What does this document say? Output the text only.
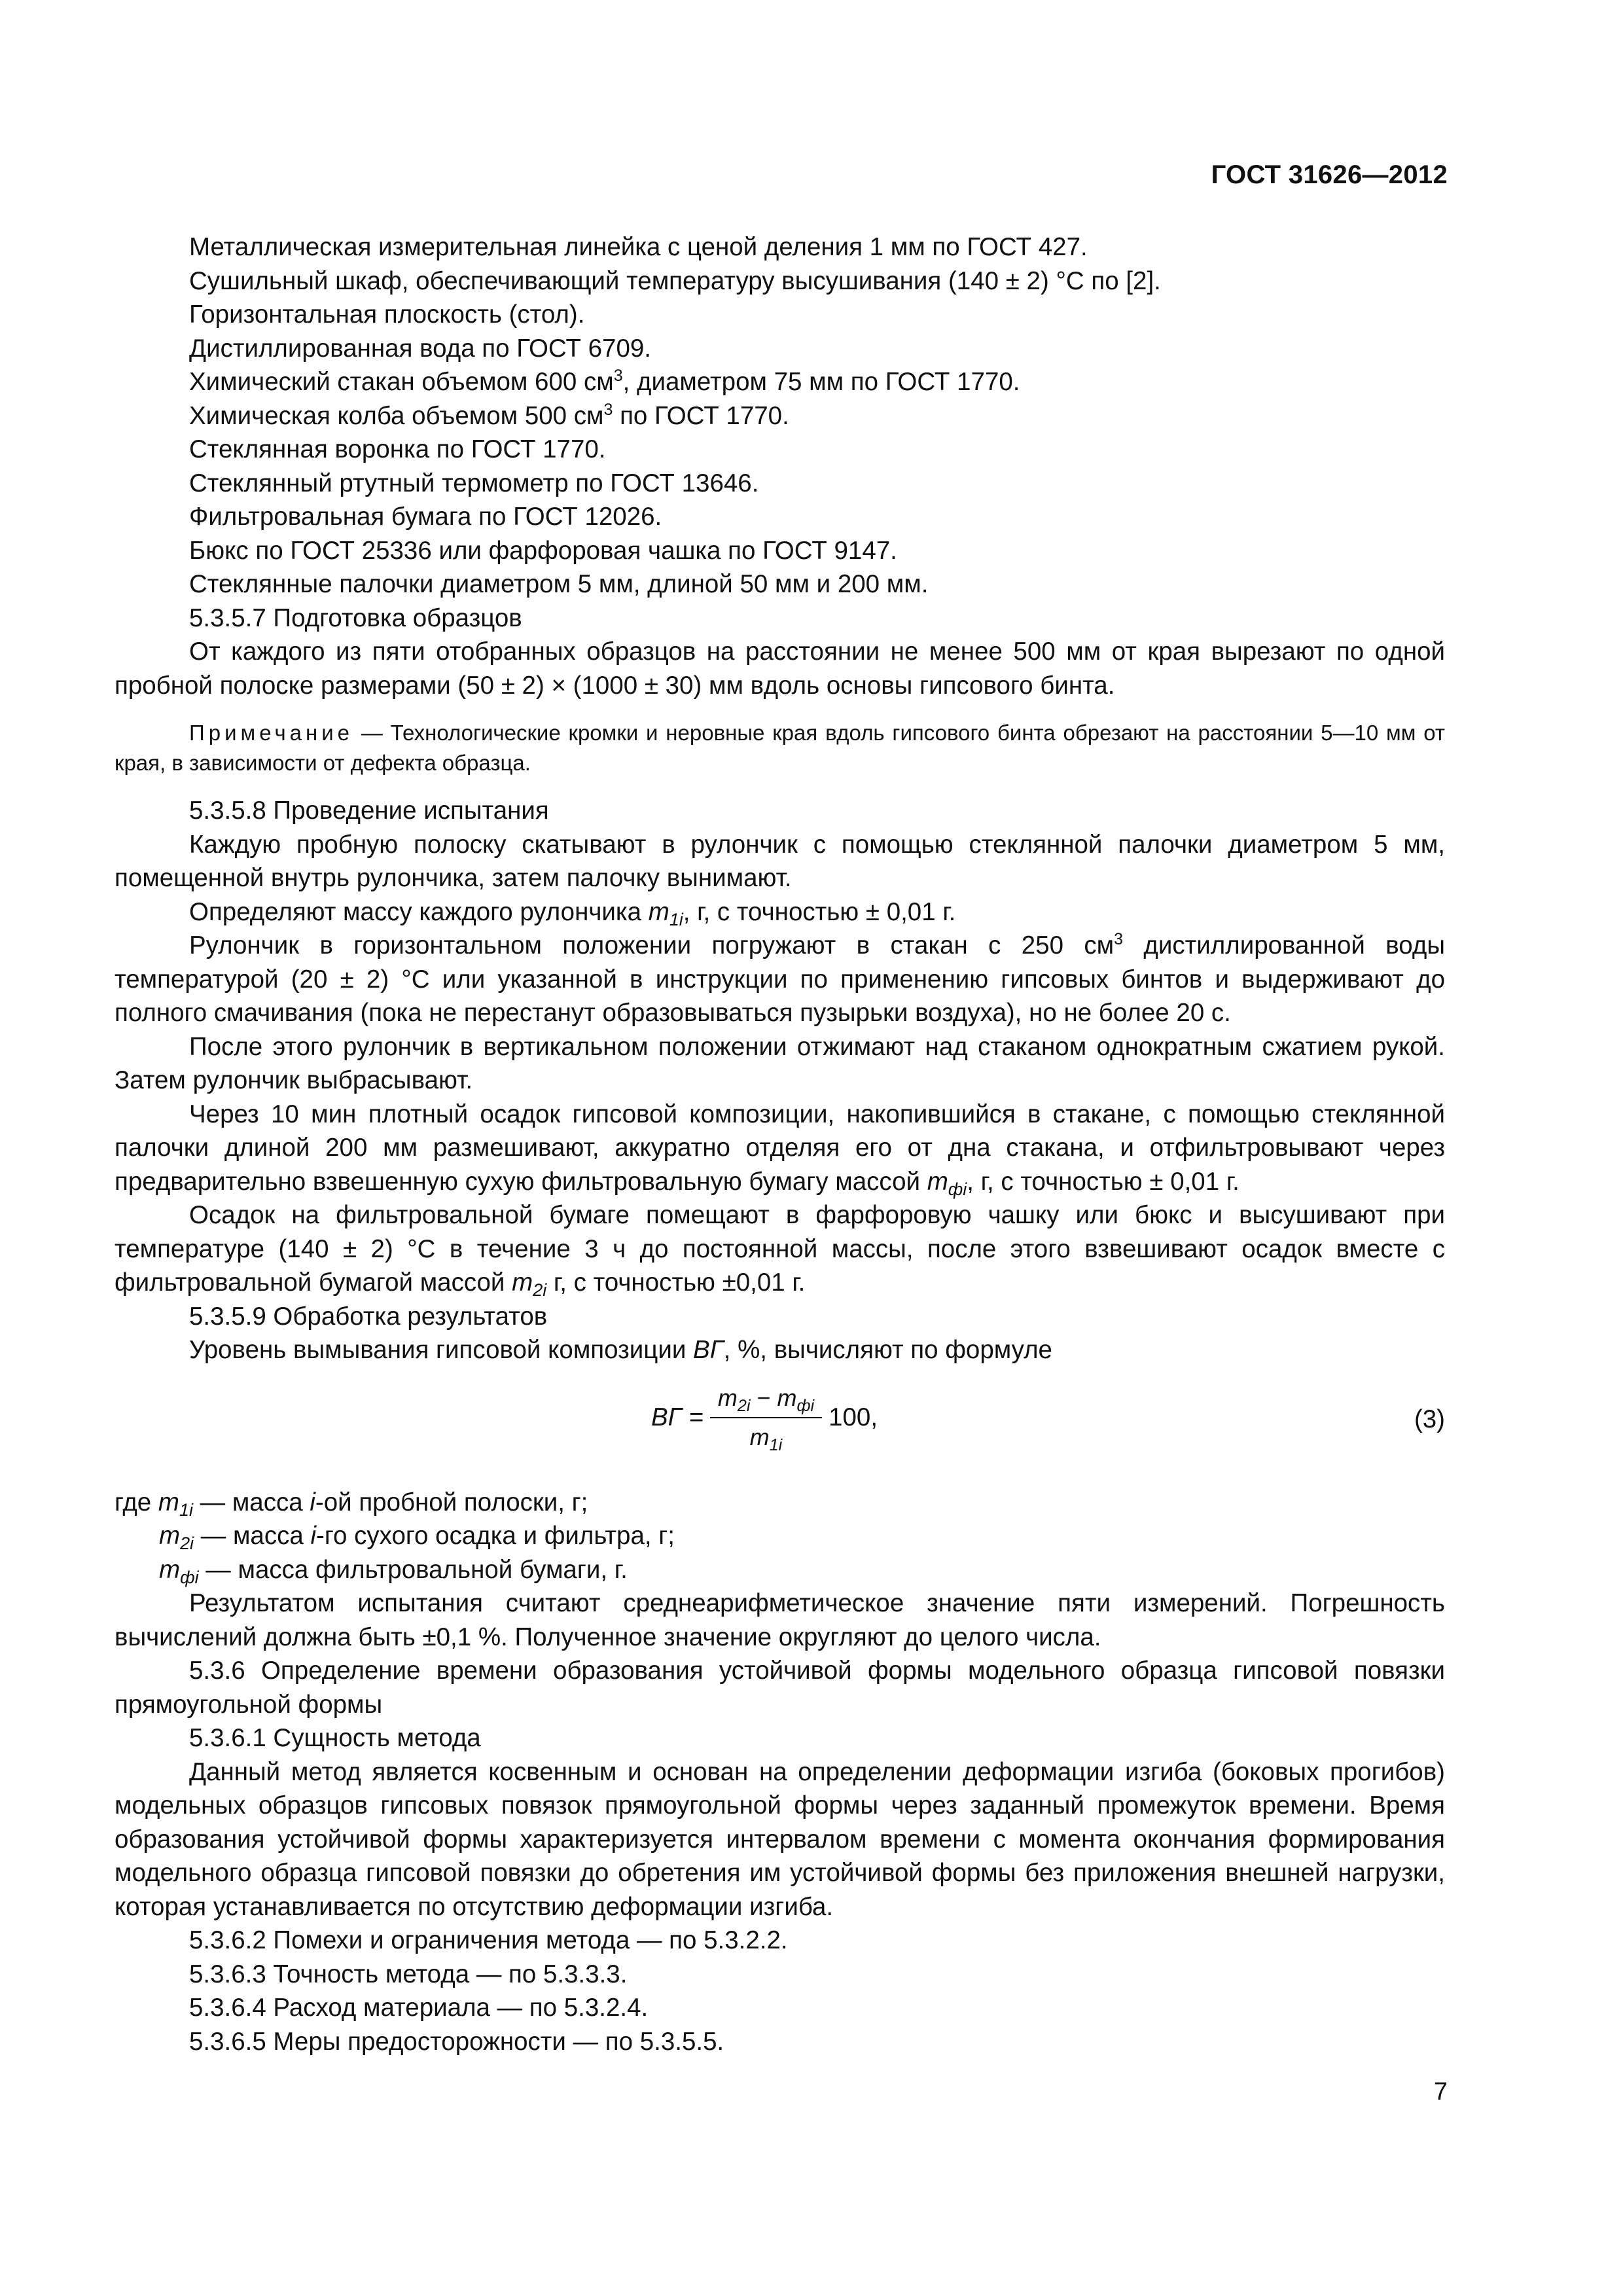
ГОСТ 31626—2012

Металлическая измерительная линейка с ценой деления 1 мм по ГОСТ 427.

Сушильный шкаф, обеспечивающий температуру высушивания (140 ± 2) °С по [2].

Горизонтальная плоскость (стол).

Дистиллированная вода по ГОСТ 6709.

Химический стакан объемом 600 $см^3$, диаметром 75 мм по ГОСТ 1770.

Химическая колба объемом 500 $см^3$ по ГОСТ 1770.

Стеклянная воронка по ГОСТ 1770.

Стеклянный ртутный термометр по ГОСТ 13646.

Фильтровальная бумага по ГОСТ 12026.

Бюкс по ГОСТ 25336 или фарфоровая чашка по ГОСТ 9147.

Стеклянные палочки диаметром 5 мм, длиной 50 мм и 200 мм.

5.3.5.7 Подготовка образцов

От каждого из пяти отобранных образцов на расстоянии не менее 500 мм от края вырезают по одной пробной полоске размерами (50 ± 2) × (1000 ± 30) мм вдоль основы гипсового бинта.

Примечание — Технологические кромки и неровные края вдоль гипсового бинта обрезают на расстоянии 5—10 мм от края, в зависимости от дефекта образца.

5.3.5.8 Проведение испытания

Каждую пробную полоску скатывают в рулончик с помощью стеклянной палочки диаметром 5 мм, помещенной внутрь рулончика, затем палочку вынимают.

Определяют массу каждого рулончика $m_{1i}$, г, с точностью ± 0,01 г.

Рулончик в горизонтальном положении погружают в стакан с 250 $см^3$ дистиллированной воды температурой (20 ± 2) °С или указанной в инструкции по применению гипсовых бинтов и выдерживают до полного смачивания (пока не перестанут образовываться пузырьки воздуха), но не более 20 с.

После этого рулончик в вертикальном положении отжимают над стаканом однократным сжатием рукой. Затем рулончик выбрасывают.

Через 10 мин плотный осадок гипсовой композиции, накопившийся в стакане, с помощью стеклянной палочки длиной 200 мм размешивают, аккуратно отделяя его от дна стакана, и отфильтровывают через предварительно взвешенную сухую фильтровальную бумагу массой $m_{фi}$, г, с точностью ± 0,01 г.

Осадок на фильтровальной бумаге помещают в фарфоровую чашку или бюкс и высушивают при температуре (140 ± 2) °С в течение 3 ч до постоянной массы, после этого взвешивают осадок вместе с фильтровальной бумагой массой $m_{2i}$ г, с точностью ±0,01 г.

5.3.5.9 Обработка результатов

Уровень вымывания гипсовой композиции ВГ, %, вычисляют по формуле

ВГ = $\frac{m_{2i} - m_{фi}}{m_{1i}} 100$,	(3)

где $m_{1i}$ — масса i-ой пробной полоски, г;

$m_{2i}$ — масса i-го сухого осадка и фильтра, г;

$m_{фi}$ — масса фильтровальной бумаги, г.

Результатом испытания считают среднеарифметическое значение пяти измерений. Погрешность вычислений должна быть ±0,1 %. Полученное значение округляют до целого числа.

5.3.6 Определение времени образования устойчивой формы модельного образца гипсовой повязки прямоугольной формы

5.3.6.1 Сущность метода

Данный метод является косвенным и основан на определении деформации изгиба (боковых прогибов) модельных образцов гипсовых повязок прямоугольной формы через заданный промежуток времени. Время образования устойчивой формы характеризуется интервалом времени с момента окончания формирования модельного образца гипсовой повязки до обретения им устойчивой формы без приложения внешней нагрузки, которая устанавливается по отсутствию деформации изгиба.

5.3.6.2 Помехи и ограничения метода — по 5.3.2.2.

5.3.6.3 Точность метода — по 5.3.3.3.

5.3.6.4 Расход материала — по 5.3.2.4.

5.3.6.5 Меры предосторожности — по 5.3.5.5.

7
